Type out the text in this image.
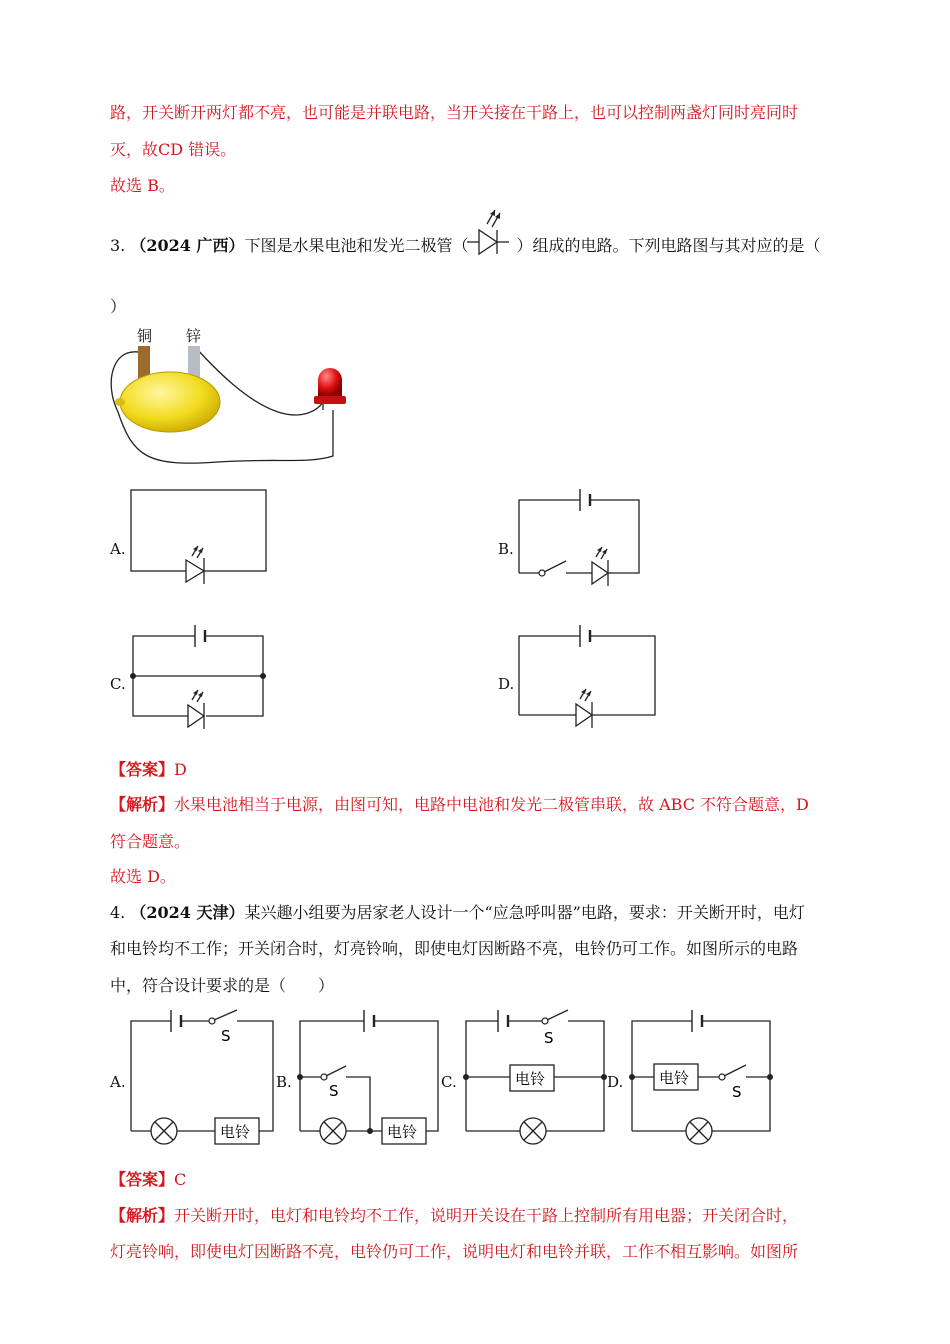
路，开关断开两灯都不亮，也可能是并联电路，当开关接在干路上，也可以控制两盏灯同时亮同时
灭，故CD 错误。
故选 B。
3. （2024 广西）下图是水果电池和发光二极管（	）组成的电路。下列电路图与其对应的是（
）
铜 锌
A.	B.
C.	D.
【答案】D
【解析】水果电池相当于电源，由图可知，电路中电池和发光二极管串联，故 ABC 不符合题意，D
符合题意。
故选 D。
4. （2024 天津）某兴趣小组要为居家老人设计一个“应急呼叫器”电路，要求：开关断开时，电灯
和电铃均不工作；开关闭合时，灯亮铃响，即使电灯因断路不亮，电铃仍可工作。如图所示的电路
中，符合设计要求的是（　　）
A.
S
电铃
B. S
电铃
C.
S
电铃	D. 电铃
S
【答案】C
【解析】开关断开时，电灯和电铃均不工作，说明开关设在干路上控制所有用电器；开关闭合时，
灯亮铃响，即使电灯因断路不亮，电铃仍可工作，说明电灯和电铃并联，工作不相互影响。如图所
